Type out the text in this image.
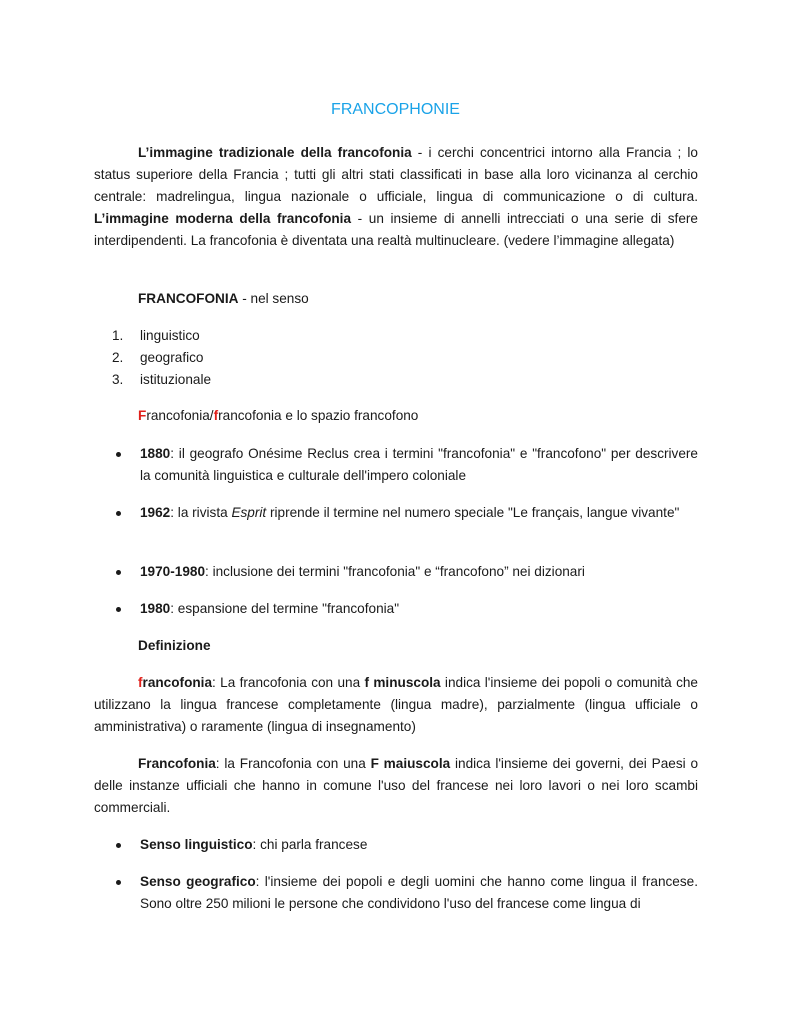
FRANCOPHONIE

L’immagine tradizionale della francofonia - i cerchi concentrici intorno alla Francia ; lo status superiore della Francia ; tutti gli altri stati classificati in base alla loro vicinanza al cerchio centrale: madrelingua, lingua nazionale o ufficiale, lingua di communicazione o di cultura. L’immagine moderna della francofonia - un insieme di annelli intrecciati o una serie di sfere interdipendenti. La francofonia è diventata una realtà multinucleare. (vedere l’immagine allegata)

FRANCOFONIA - nel senso

1.	linguistico
2.	geografico
3.	istituzionale

Francofonia/francofonia e lo spazio francofono

1880: il geografo Onésime Reclus crea i termini "francofonia" e "francofono" per descrivere la comunità linguistica e culturale dell'impero coloniale
1962: la rivista Esprit riprende il termine nel numero speciale "Le français, langue vivante"
1970-1980: inclusione dei termini "francofonia" e “francofono” nei dizionari
1980: espansione del termine "francofonia"

Definizione

francofonia: La francofonia con una f minuscola indica l'insieme dei popoli o comunità che utilizzano la lingua francese completamente (lingua madre), parzialmente (lingua ufficiale o amministrativa) o raramente (lingua di insegnamento)

Francofonia: la Francofonia con una F maiuscola indica l'insieme dei governi, dei Paesi o delle instanze ufficiali che hanno in comune l'uso del francese nei loro lavori o nei loro scambi commerciali.

Senso linguistico: chi parla francese
Senso geografico: l'insieme dei popoli e degli uomini che hanno come lingua il francese. Sono oltre 250 milioni le persone che condividono l'uso del francese come lingua di
